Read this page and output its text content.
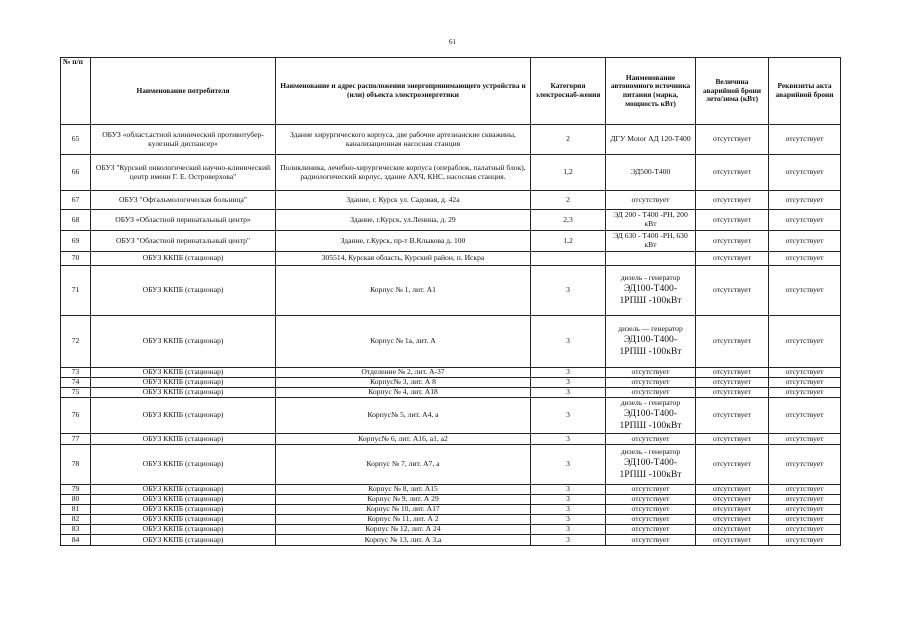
61
№ п/п	Наименование потребителя	Наименование и адрес расположения энергопринимающего устройства и (или) объекта электроэнергетики	Категория электроснаб-жения	Наименование автономного источника питания (марка, мощность кВт)	Величина аварийной брони лето/зима (кВт)	Реквизиты акта аварийной брони
65	ОБУЗ «област,астной клинический противотубер-кулезный диспансер»	Здание хирургического корпуса, две рабочие артезианские скважины, канализационная насосная станция	2	ДГУ Motor АД 120-Т400	отсутствует	отсутствует
66	ОБУЗ "Курский онкологический научно-клинический центр имени Г. Е. Островерхова"	Поликлиника, лечебно-хирургические корпуса (операблок, палатный блок), радиологический корпус, здание АХЧ, КНС, насосная станция.	1,2	ЭД500-Т400	отсутствует	отсутствует
67	ОБУЗ "Офтальмологическая больница"	Здание, г. Курск ул. Садовая, д. 42а	2	отсутствует	отсутствует	отсутствует
68	ОБУЗ «Областной перинатальный центр»	Здание, г.Курск, ул.Ленина, д. 29	2,3	ЭД 200 - Т400 -РН, 200 кВт	отсутствует	отсутствует
69	ОБУЗ "Областной перинатальный центр"	Здание, г.Курск, пр-т В.Клыкова д. 100	1,2	ЭД 630 - Т400 -РН, 630 кВт	отсутствует	отсутствует
70	ОБУЗ ККПБ (стационар)	305514, Курская область, Курский район, п. Искра			отсутствует	отсутствует
71	ОБУЗ ККПБ (стационар)	Корпус № 1, лит. А1	3	дизель - генератор
ЭД100-Т400-
1РПШ -100кВт	отсутствует	отсутствует
72	ОБУЗ ККПБ (стационар)	Корпус № 1а, лит. А	3	дизель — генератор
ЭД100-Т400-
1РПШ -100кВт	отсутствует	отсутствует
73	ОБУЗ ККПБ (стационар)	Отделение № 2, лит. А-37	3	отсутствует	отсутствует	отсутствует
74	ОБУЗ ККПБ (стационар)	Корпус№ 3, лит. А 8	3	отсутствует	отсутствует	отсутствует
75	ОБУЗ ККПБ (стационар)	Корпус № 4, лит. А18	3	отсутствует	отсутствует	отсутствует
76	ОБУЗ ККПБ (стационар)	Корпус№ 5, лит. А4, а	3	дизель - генератор
ЭД100-Т400-
1РПШ -100кВт	отсутствует	отсутствует
77	ОБУЗ ККПБ (стационар)	Корпус№ 6, лит. А16, а1, а2	3	отсутствует	отсутствует	отсутствует
78	ОБУЗ ККПБ (стационар)	Корпус № 7, лит. А7, а	3	дизель - генератор
ЭД100-Т400-
1РПШ -100кВт	отсутствует	отсутствует
79	ОБУЗ ККПБ (стационар)	Корпус № 8, лит. А15	3	отсутствует	отсутствует	отсутствует
80	ОБУЗ ККПБ (стационар)	Корпус № 9, лит. А 29	3	отсутствует	отсутствует	отсутствует
81	ОБУЗ ККПБ (стационар)	Корпус № 10, лит. А17	3	отсутствует	отсутствует	отсутствует
82	ОБУЗ ККПБ (стационар)	Корпус № 11, лит. А 2	3	отсутствует	отсутствует	отсутствует
83	ОБУЗ ККПБ (стационар)	Корпус № 12, лит. А 24	3	отсутствует	отсутствует	отсутствует
84	ОБУЗ ККПБ (стационар)	Корпус № 13, лит. А 3,а	3	отсутствует	отсутствует	отсутствует
